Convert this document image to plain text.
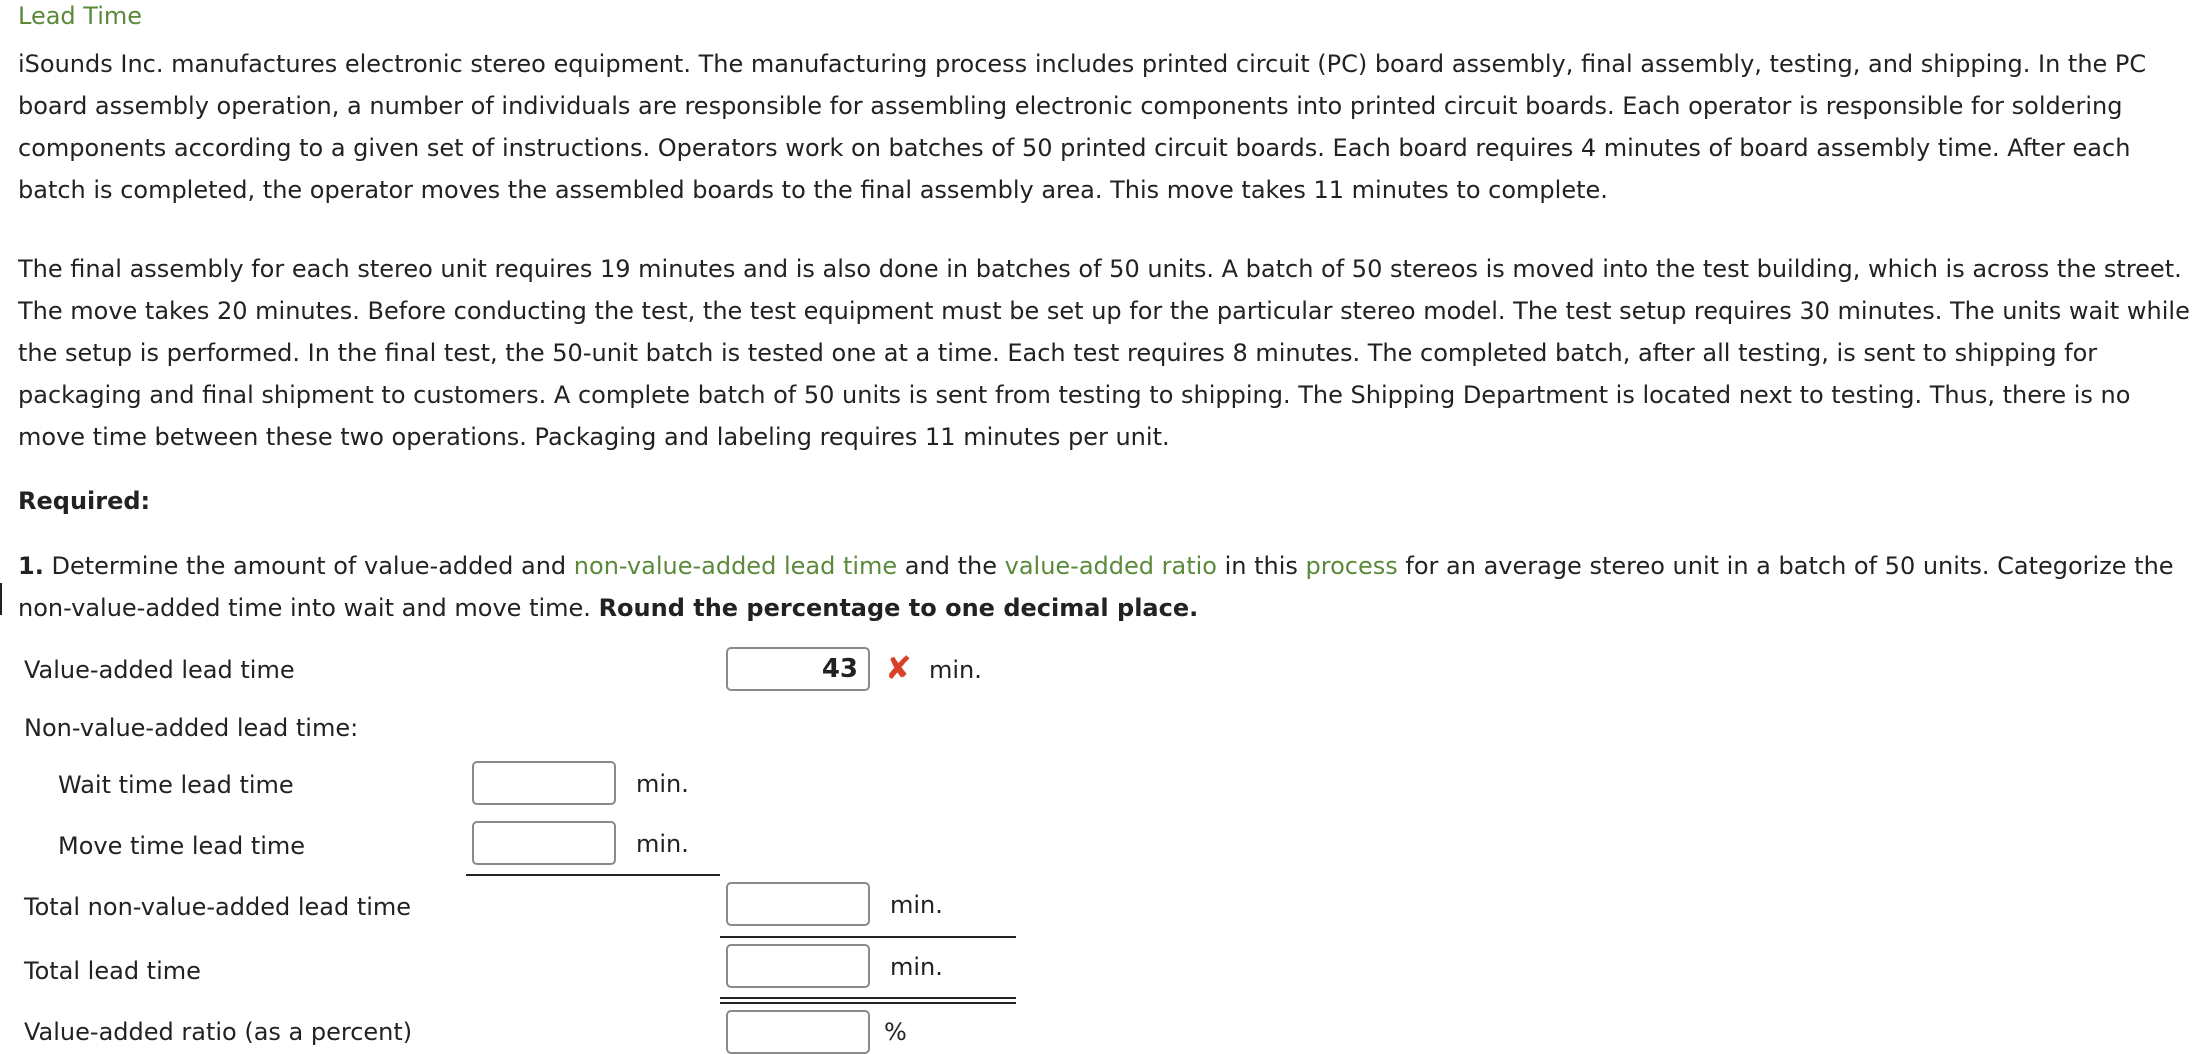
Lead Time

iSounds Inc. manufactures electronic stereo equipment. The manufacturing process includes printed circuit (PC) board assembly, final assembly, testing, and shipping. In the PC

board assembly operation, a number of individuals are responsible for assembling electronic components into printed circuit boards. Each operator is responsible for soldering

components according to a given set of instructions. Operators work on batches of 50 printed circuit boards. Each board requires 4 minutes of board assembly time. After each

batch is completed, the operator moves the assembled boards to the final assembly area. This move takes 11 minutes to complete.

The final assembly for each stereo unit requires 19 minutes and is also done in batches of 50 units. A batch of 50 stereos is moved into the test building, which is across the street.

The move takes 20 minutes. Before conducting the test, the test equipment must be set up for the particular stereo model. The test setup requires 30 minutes. The units wait while

the setup is performed. In the final test, the 50-unit batch is tested one at a time. Each test requires 8 minutes. The completed batch, after all testing, is sent to shipping for

packaging and final shipment to customers. A complete batch of 50 units is sent from testing to shipping. The Shipping Department is located next to testing. Thus, there is no

move time between these two operations. Packaging and labeling requires 11 minutes per unit.

Required:

1. Determine the amount of value-added and non-value-added lead time and the value-added ratio in this process for an average stereo unit in a batch of 50 units. Categorize the

non-value-added time into wait and move time. Round the percentage to one decimal place.

Value-added lead time	43 ✘ min.
Non-value-added lead time:
Wait time lead time	min.
Move time lead time	min.
Total non-value-added lead time	min.
Total lead time	min.
Value-added ratio (as a percent)	%
